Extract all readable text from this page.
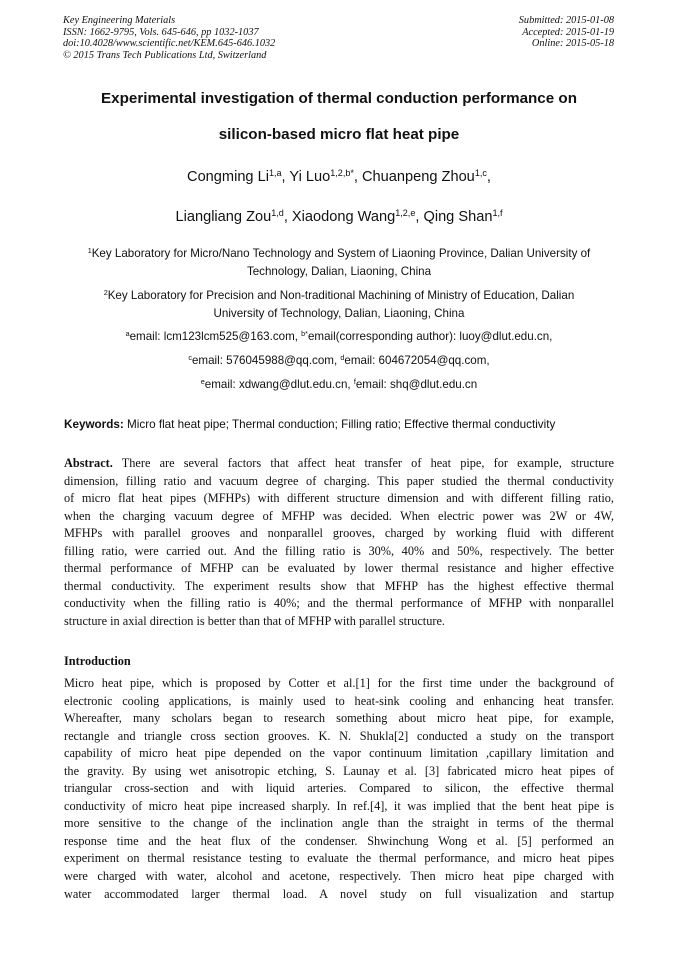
Key Engineering Materials
ISSN: 1662-9795, Vols. 645-646, pp 1032-1037
doi:10.4028/www.scientific.net/KEM.645-646.1032
© 2015 Trans Tech Publications Ltd, Switzerland
Submitted: 2015-01-08
Accepted: 2015-01-19
Online: 2015-05-18
Experimental investigation of thermal conduction performance on
silicon-based micro flat heat pipe
Congming Li$^{1,a}$, Yi Luo$^{1,2,b*}$, Chuanpeng Zhou$^{1,c}$,
Liangliang Zou$^{1,d}$, Xiaodong Wang$^{1,2,e}$, Qing Shan$^{1,f}$
$^1$Key Laboratory for Micro/Nano Technology and System of Liaoning Province, Dalian University of
Technology, Dalian, Liaoning, China
$^2$Key Laboratory for Precision and Non-traditional Machining of Ministry of Education, Dalian
University of Technology, Dalian, Liaoning, China
$^a$email: lcm123lcm525@163.com, $^{b*}$email(corresponding author): luoy@dlut.edu.cn,
$^c$email: 576045988@qq.com, $^d$email: 604672054@qq.com,
$^e$email: xdwang@dlut.edu.cn, $^f$email: shq@dlut.edu.cn
Keywords: Micro flat heat pipe; Thermal conduction; Filling ratio; Effective thermal conductivity
Abstract. There are several factors that affect heat transfer of heat pipe, for example, structure
dimension, filling ratio and vacuum degree of charging. This paper studied the thermal conductivity
of micro flat heat pipes (MFHPs) with different structure dimension and with different filling ratio,
when the charging vacuum degree of MFHP was decided. When electric power was 2W or 4W,
MFHPs with parallel grooves and nonparallel grooves, charged by working fluid with different
filling ratio, were carried out. And the filling ratio is 30%, 40% and 50%, respectively. The better
thermal performance of MFHP can be evaluated by lower thermal resistance and higher effective
thermal conductivity. The experiment results show that MFHP has the highest effective thermal
conductivity when the filling ratio is 40%; and the thermal performance of MFHP with nonparallel
structure in axial direction is better than that of MFHP with parallel structure.
Introduction
Micro heat pipe, which is proposed by Cotter et al.[1] for the first time under the background of
electronic cooling applications, is mainly used to heat-sink cooling and enhancing heat transfer.
Whereafter, many scholars began to research something about micro heat pipe, for example,
rectangle and triangle cross section grooves. K. N. Shukla[2] conducted a study on the transport
capability of micro heat pipe depended on the vapor continuum limitation ,capillary limitation and
the gravity. By using wet anisotropic etching, S. Launay et al. [3] fabricated micro heat pipes of
triangular cross-section and with liquid arteries. Compared to silicon, the effective thermal
conductivity of micro heat pipe increased sharply. In ref.[4], it was implied that the bent heat pipe is
more sensitive to the change of the inclination angle than the straight in terms of the thermal
response time and the heat flux of the condenser. Shwinchung Wong et al. [5] performed an
experiment on thermal resistance testing to evaluate the thermal performance, and micro heat pipes
were charged with water, alcohol and acetone, respectively. Then micro heat pipe charged with
water accommodated larger thermal load. A novel study on full visualization and startup
